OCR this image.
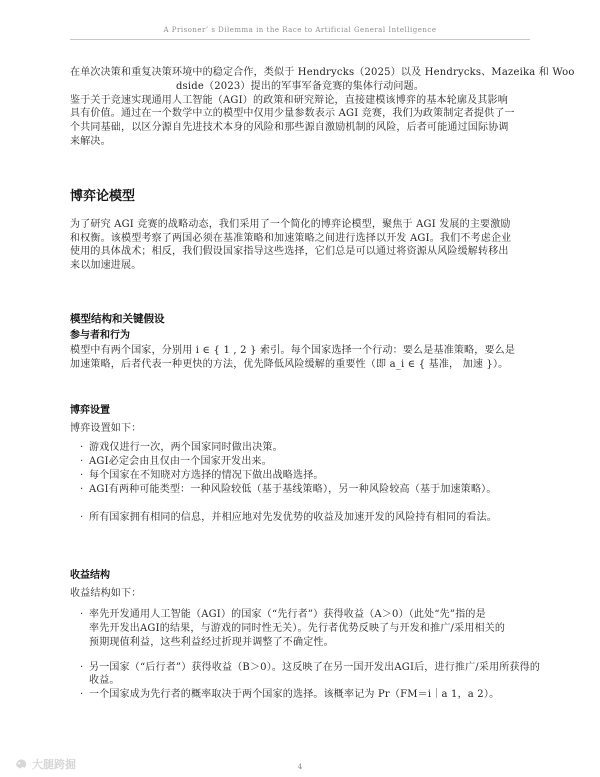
A Prisoner’ s Dilemma in the Race to Artificial General Intelligence
在单次决策和重复决策环境中的稳定合作，类似于 Hendrycks（2025）以及 Hendrycks、Mazeika 和 Woo
dside（2023）提出的军事军备竞赛的集体行动问题。
鉴于关于竞速实现通用人工智能（AGI）的政策和研究辩论，直接建模该博弈的基本轮廓及其影响
具有价值。通过在一个数学中立的模型中仅用少量参数表示 AGI 竞赛，我们为政策制定者提供了一
个共同基础，以区分源自先进技术本身的风险和那些源自激励机制的风险，后者可能通过国际协调
来解决。
博弈论模型
为了研究 AGI 竞赛的战略动态，我们采用了一个简化的博弈论模型，聚焦于 AGI 发展的主要激励
和权衡。该模型考察了两国必须在基准策略和加速策略之间进行选择以开发 AGI。我们不考虑企业
使用的具体战术；相反，我们假设国家指导这些选择，它们总是可以通过将资源从风险缓解转移出
来以加速进展。
模型结构和关键假设
参与者和行为
模型中有两个国家，分别用 i ∈ { 1 , 2 } 索引。每个国家选择一个行动：要么是基准策略，要么是
加速策略，后者代表一种更快的方法，优先降低风险缓解的重要性（即 a_i ∈ { 基准， 加速 }）。
博弈设置
博弈设置如下：
· 游戏仅进行一次，两个国家同时做出决策。
· AGI必定会由且仅由一个国家开发出来。
· 每个国家在不知晓对方选择的情况下做出战略选择。
· AGI有两种可能类型：一种风险较低（基于基线策略），另一种风险较高（基于加速策略）。
· 所有国家拥有相同的信息，并相应地对先发优势的收益及加速开发的风险持有相同的看法。
收益结构
收益结构如下：
· 率先开发通用人工智能（AGI）的国家（“先行者”）获得收益（A＞0）（此处“先”指的是
率先开发出AGI的结果，与游戏的同时性无关）。先行者优势反映了与开发和推广/采用相关的
预期现值利益，这些利益经过折现并调整了不确定性。
· 另一国家（“后行者”）获得收益（B＞0）。这反映了在另一国开发出AGI后，进行推广/采用所获得的
收益。
· 一个国家成为先行者的概率取决于两个国家的选择。该概率记为 Pr（FM＝i｜a 1，a 2）。
4
大腿跨掘
